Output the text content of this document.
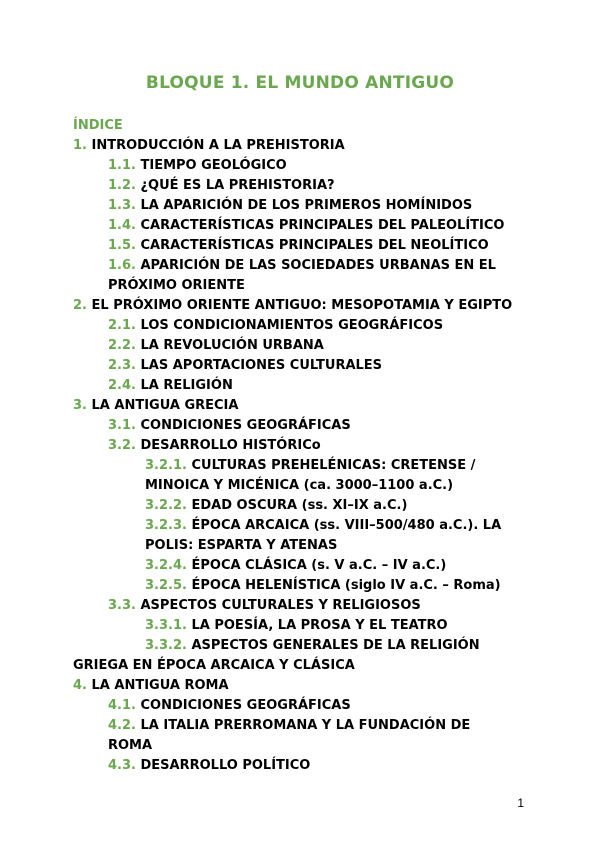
BLOQUE 1. EL MUNDO ANTIGUO
ÍNDICE
1. INTRODUCCIÓN A LA PREHISTORIA
1.1. TIEMPO GEOLÓGICO
1.2. ¿QUÉ ES LA PREHISTORIA?
1.3. LA APARICIÓN DE LOS PRIMEROS HOMÍNIDOS
1.4. CARACTERÍSTICAS PRINCIPALES DEL PALEOLÍTICO
1.5. CARACTERÍSTICAS PRINCIPALES DEL NEOLÍTICO
1.6. APARICIÓN DE LAS SOCIEDADES URBANAS EN EL
PRÓXIMO ORIENTE
2. EL PRÓXIMO ORIENTE ANTIGUO: MESOPOTAMIA Y EGIPTO
2.1. LOS CONDICIONAMIENTOS GEOGRÁFICOS
2.2. LA REVOLUCIÓN URBANA
2.3. LAS APORTACIONES CULTURALES
2.4. LA RELIGIÓN
3. LA ANTIGUA GRECIA
3.1. CONDICIONES GEOGRÁFICAS
3.2. DESARROLLO HISTÓRICo
3.2.1. CULTURAS PREHELÉNICAS: CRETENSE /
MINOICA Y MICÉNICA (ca. 3000–1100 a.C.)
3.2.2. EDAD OSCURA (ss. XI–IX a.C.)
3.2.3. ÉPOCA ARCAICA (ss. VIII–500/480 a.C.). LA
POLIS: ESPARTA Y ATENAS
3.2.4. ÉPOCA CLÁSICA (s. V a.C. – IV a.C.)
3.2.5. ÉPOCA HELENÍSTICA (siglo IV a.C. – Roma)
3.3. ASPECTOS CULTURALES Y RELIGIOSOS
3.3.1. LA POESÍA, LA PROSA Y EL TEATRO
3.3.2. ASPECTOS GENERALES DE LA RELIGIÓN
GRIEGA EN ÉPOCA ARCAICA Y CLÁSICA
4. LA ANTIGUA ROMA
4.1. CONDICIONES GEOGRÁFICAS
4.2. LA ITALIA PRERROMANA Y LA FUNDACIÓN DE
ROMA
4.3. DESARROLLO POLÍTICO
1
